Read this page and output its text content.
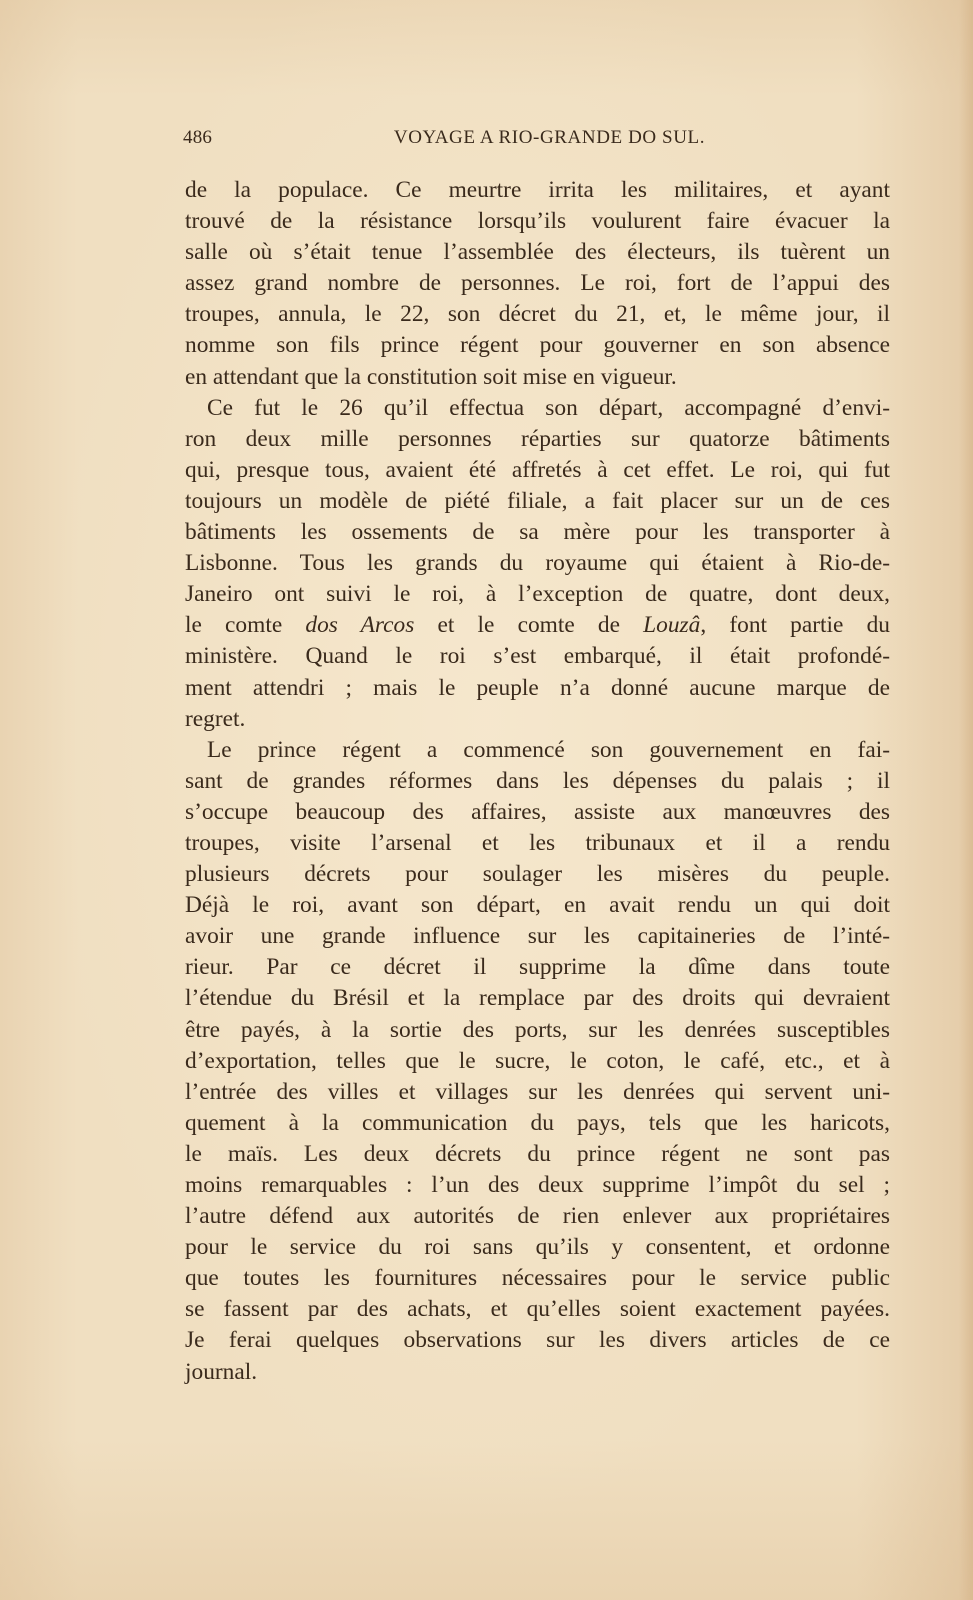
486	VOYAGE A RIO-GRANDE DO SUL.
de la populace. Ce meurtre irrita les militaires, et ayant
trouvé de la résistance lorsqu’ils voulurent faire évacuer la
salle où s’était tenue l’assemblée des électeurs, ils tuèrent un
assez grand nombre de personnes. Le roi, fort de l’appui des
troupes, annula, le 22, son décret du 21, et, le même jour, il
nomme son fils prince régent pour gouverner en son absence
en attendant que la constitution soit mise en vigueur.
Ce fut le 26 qu’il effectua son départ, accompagné d’envi-
ron deux mille personnes réparties sur quatorze bâtiments
qui, presque tous, avaient été affretés à cet effet. Le roi, qui fut
toujours un modèle de piété filiale, a fait placer sur un de ces
bâtiments les ossements de sa mère pour les transporter à
Lisbonne. Tous les grands du royaume qui étaient à Rio-de-
Janeiro ont suivi le roi, à l’exception de quatre, dont deux,
le comte dos Arcos et le comte de Louzâ, font partie du
ministère. Quand le roi s’est embarqué, il était profondé-
ment attendri ; mais le peuple n’a donné aucune marque de
regret.
Le prince régent a commencé son gouvernement en fai-
sant de grandes réformes dans les dépenses du palais ; il
s’occupe beaucoup des affaires, assiste aux manœuvres des
troupes, visite l’arsenal et les tribunaux et il a rendu
plusieurs décrets pour soulager les misères du peuple.
Déjà le roi, avant son départ, en avait rendu un qui doit
avoir une grande influence sur les capitaineries de l’inté-
rieur. Par ce décret il supprime la dîme dans toute
l’étendue du Brésil et la remplace par des droits qui devraient
être payés, à la sortie des ports, sur les denrées susceptibles
d’exportation, telles que le sucre, le coton, le café, etc., et à
l’entrée des villes et villages sur les denrées qui servent uni-
quement à la communication du pays, tels que les haricots,
le maïs. Les deux décrets du prince régent ne sont pas
moins remarquables : l’un des deux supprime l’impôt du sel ;
l’autre défend aux autorités de rien enlever aux propriétaires
pour le service du roi sans qu’ils y consentent, et ordonne
que toutes les fournitures nécessaires pour le service public
se fassent par des achats, et qu’elles soient exactement payées.
Je ferai quelques observations sur les divers articles de ce
journal.
